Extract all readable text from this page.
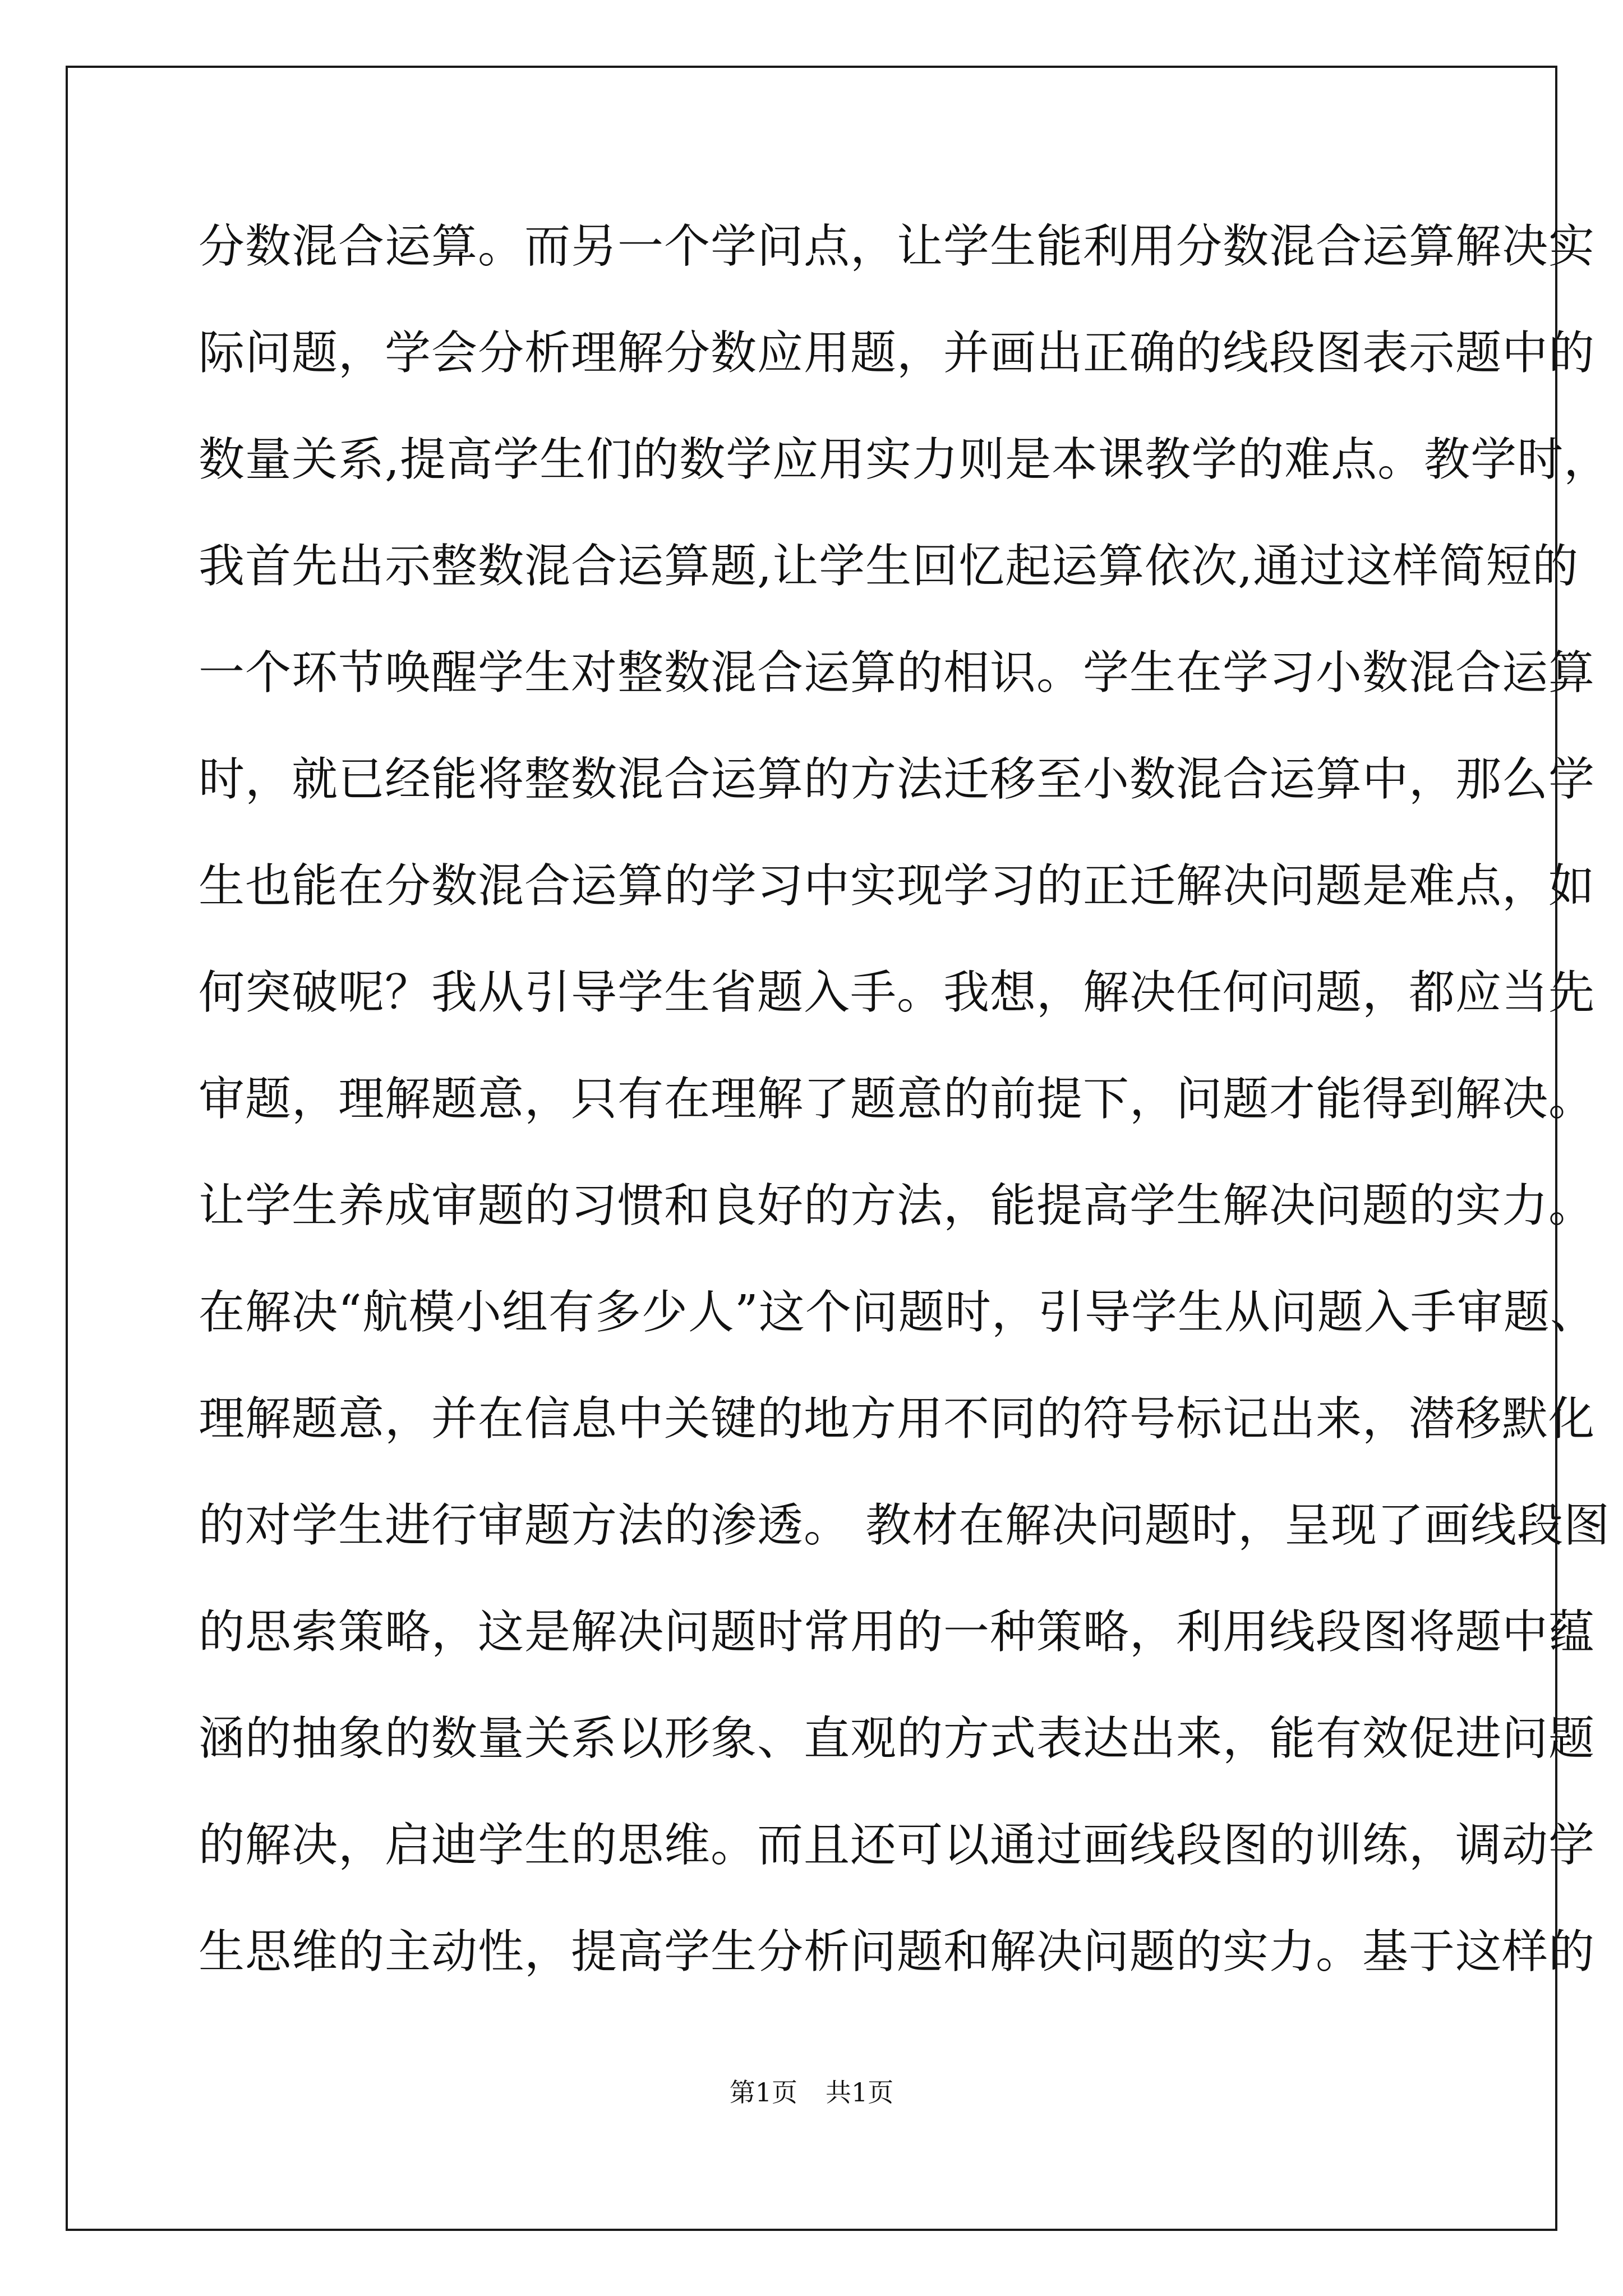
分数混合运算。而另一个学问点，让学生能利用分数混合运算解决实
际问题，学会分析理解分数应用题，并画出正确的线段图表示题中的
数量关系,提高学生们的数学应用实力则是本课教学的难点。教学时，
我首先出示整数混合运算题,让学生回忆起运算依次,通过这样简短的
一个环节唤醒学生对整数混合运算的相识。学生在学习小数混合运算
时，就已经能将整数混合运算的方法迁移至小数混合运算中，那么学
生也能在分数混合运算的学习中实现学习的正迁解决问题是难点，如
何突破呢？我从引导学生省题入手。我想，解决任何问题，都应当先
审题，理解题意，只有在理解了题意的前提下，问题才能得到解决。
让学生养成审题的习惯和良好的方法，能提高学生解决问题的实力。
在解决“航模小组有多少人”这个问题时，引导学生从问题入手审题、
理解题意，并在信息中关键的地方用不同的符号标记出来，潜移默化
的对学生进行审题方法的渗透。 教材在解决问题时，呈现了画线段图
的思索策略，这是解决问题时常用的一种策略，利用线段图将题中蕴
涵的抽象的数量关系以形象、直观的方式表达出来，能有效促进问题
的解决，启迪学生的思维。而且还可以通过画线段图的训练，调动学
生思维的主动性，提高学生分析问题和解决问题的实力。基于这样的
第1页 共1页
